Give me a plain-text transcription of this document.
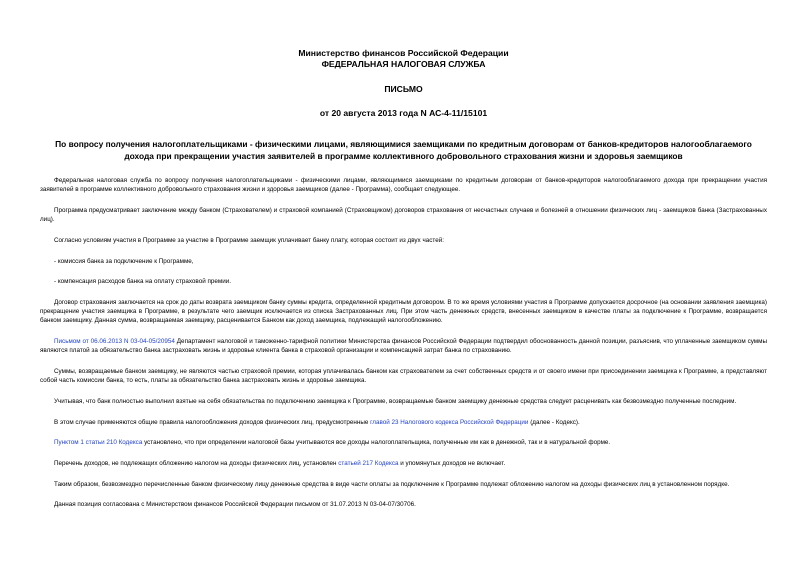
Министерство финансов Российской Федерации
ФЕДЕРАЛЬНАЯ НАЛОГОВАЯ СЛУЖБА
ПИСЬМО
от 20 августа 2013 года N АС-4-11/15101
По вопросу получения налогоплательщиками - физическими лицами, являющимися заемщиками по кредитным договорам от банков-кредиторов налогооблагаемого дохода при прекращении участия заявителей в программе коллективного добровольного страхования жизни и здоровья заемщиков

Федеральная налоговая служба по вопросу получения налогоплательщиками - физическими лицами, являющимися заемщиками по кредитным договорам от банков-кредиторов налогооблагаемого дохода при прекращении участия заявителей в программе коллективного добровольного страхования жизни и здоровья заемщиков (далее - Программа), сообщает следующее.

Программа предусматривает заключение между банком (Страхователем) и страховой компанией (Страховщиком) договоров страхования от несчастных случаев и болезней в отношении физических лиц - заемщиков банка (Застрахованных лиц).

Согласно условиям участия в Программе за участие в Программе заемщик уплачивает банку плату, которая состоит из двух частей:

- комиссия банка за подключение к Программе,

- компенсация расходов банка на оплату страховой премии.

Договор страхования заключается на срок до даты возврата заемщиком банку суммы кредита, определенной кредитным договором. В то же время условиями участия в Программе допускается досрочное (на основании заявления заемщика) прекращение участия заемщика в Программе, в результате чего заемщик исключается из списка Застрахованных лиц. При этом часть денежных средств, внесенных заемщиком в качестве платы за подключение к Программе, возвращается банком заемщику. Данная сумма, возвращаемая заемщику, расценивается Банком как доход заемщика, подлежащий налогообложению.

Письмом от 06.06.2013 N 03-04-05/20954 Департамент налоговой и таможенно-тарифной политики Министерства финансов Российской Федерации подтвердил обоснованность данной позиции, разъяснив, что уплаченные заемщиком суммы являются платой за обязательство банка застраховать жизнь и здоровье клиента банка в страховой организации и компенсацией затрат банка по страхованию.

Суммы, возвращаемые банком заемщику, не являются частью страховой премии, которая уплачивалась банком как страхователем за счет собственных средств и от своего имени при присоединении заемщика к Программе, а представляют собой часть комиссии банка, то есть, платы за обязательство банка застраховать жизнь и здоровье заемщика.

Учитывая, что банк полностью выполнил взятые на себя обязательства по подключению заемщика к Программе, возвращаемые банком заемщику денежные средства следует расценивать как безвозмездно полученные последним.

В этом случае применяются общие правила налогообложения доходов физических лиц, предусмотренные главой 23 Налогового кодекса Российской Федерации (далее - Кодекс).

Пунктом 1 статьи 210 Кодекса установлено, что при определении налоговой базы учитываются все доходы налогоплательщика, полученные им как в денежной, так и в натуральной форме.

Перечень доходов, не подлежащих обложению налогом на доходы физических лиц, установлен статьей 217 Кодекса и упомянутых доходов не включает.

Таким образом, безвозмездно перечисленные банком физическому лицу денежные средства в виде части оплаты за подключение к Программе подлежат обложению налогом на доходы физических лиц в установленном порядке.

Данная позиция согласована с Министерством финансов Российской Федерации письмом от 31.07.2013 N 03-04-07/30706.
